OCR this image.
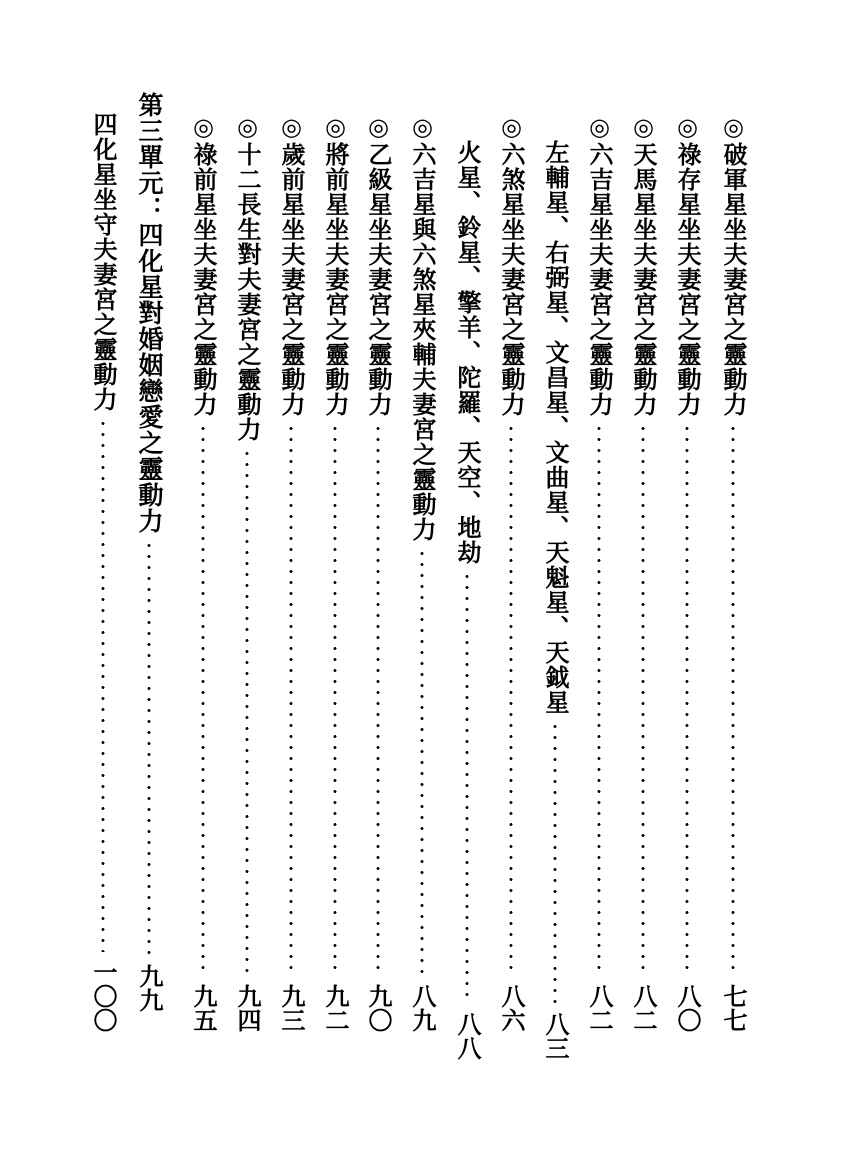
◎破軍星坐夫妻宮之靈動力
七七
◎祿存星坐夫妻宮之靈動力
八〇
◎天馬星坐夫妻宮之靈動力
八二
◎六吉星坐夫妻宮之靈動力
八二
左輔星、右弼星、文昌星、文曲星、天魁星、天鉞星
八三
◎六煞星坐夫妻宮之靈動力
八六
火星、鈴星、擎羊、陀羅、天空、地劫
八八
◎六吉星與六煞星夾輔夫妻宮之靈動力
八九
◎乙級星坐夫妻宮之靈動力
九〇
◎將前星坐夫妻宮之靈動力
九二
◎歲前星坐夫妻宮之靈動力
九三
◎十二長生對夫妻宮之靈動力
九四
◎祿前星坐夫妻宮之靈動力
九五
第三單元：四化星對婚姻戀愛之靈動力
九九
四化星坐守夫妻宮之靈動力
一〇〇
